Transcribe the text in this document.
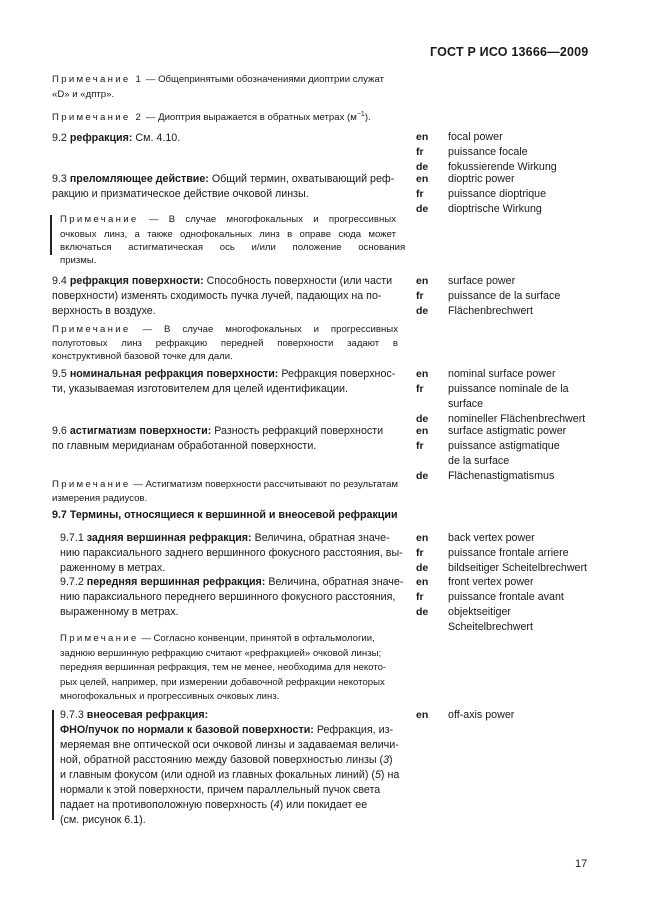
ГОСТ Р ИСО 13666—2009
Примечание 1 — Общепринятыми обозначениями диоптрии служат
«D» и «дптр».
Примечание 2 — Диоптрия выражается в обратных метрах $(м^{-1})$.
9.2 рефракция: См. 4.10.
9.3 преломляющее действие: Общий термин, охватывающий реф-
ракцию и призматическое действие очковой линзы.
Примечание — В случае многофокальных и прогрессивных
очковых линз, а также однофокальных линз в оправе сюда может
включаться астигматическая ось и/или положение основания
призмы.
9.4 рефракция поверхности: Способность поверхности (или части
поверхности) изменять сходимость пучка лучей, падающих на по-
верхность в воздухе.
Примечание — В случае многофокальных и прогрессивных полуготовых линз рефракцию передней поверхности задают в конструктивной базовой точке для дали.
9.5 номинальная рефракция поверхности: Рефракция поверхнос-
ти, указываемая изготовителем для целей идентификации.
9.6 астигматизм поверхности: Разность рефракций поверхности
по главным меридианам обработанной поверхности.
Примечание — Астигматизм поверхности рассчитывают по результатам измерения радиусов.
9.7 Термины, относящиеся к вершинной и внеосевой рефракции
9.7.1 задняя вершинная рефракция: Величина, обратная значе-
нию параксиального заднего вершинного фокусного расстояния, вы-
раженному в метрах.
9.7.2 передняя вершинная рефракция: Величина, обратная значе-
нию параксиального переднего вершинного фокусного расстояния,
выраженному в метрах.
Примечание — Согласно конвенции, принятой в офтальмологии,
заднюю вершинную рефракцию считают «рефракцией» очковой линзы;
передняя вершинная рефракция, тем не менее, необходима для некото-
рых целей, например, при измерении добавочной рефракции некоторых
многофокальных и прогрессивных очковых линз.
9.7.3 внеосевая рефракция:
ФНО/пучок по нормали к базовой поверхности: Рефракция, из-
меряемая вне оптической оси очковой линзы и задаваемая величи-
ной, обратной расстоянию между базовой поверхностью линзы (3)
и главным фокусом (или одной из главных фокальных линий) (5) на
нормали к этой поверхности, причем параллельный пучок света
падает на противоположную поверхность (4) или покидает ее
(см. рисунок 6.1).
en focal power
fr puissance focale
de fokussierende Wirkung
en dioptric power
fr puissance dioptrique
de dioptrische Wirkung
en surface power
fr puissance de la surface
de Flächenbrechwert
en nominal surface power
fr puissance nominale de la
surface
de nomineller Flächenbrechwert
en surface astigmatic power
fr puissance astigmatique
de la surface
de Flächenastigmatismus
en back vertex power
fr puissance frontale arriere
de bildseitiger Scheitelbrechwert
en front vertex power
fr puissance frontale avant
de objektseitiger
Scheitelbrechwert
en off-axis power
17
